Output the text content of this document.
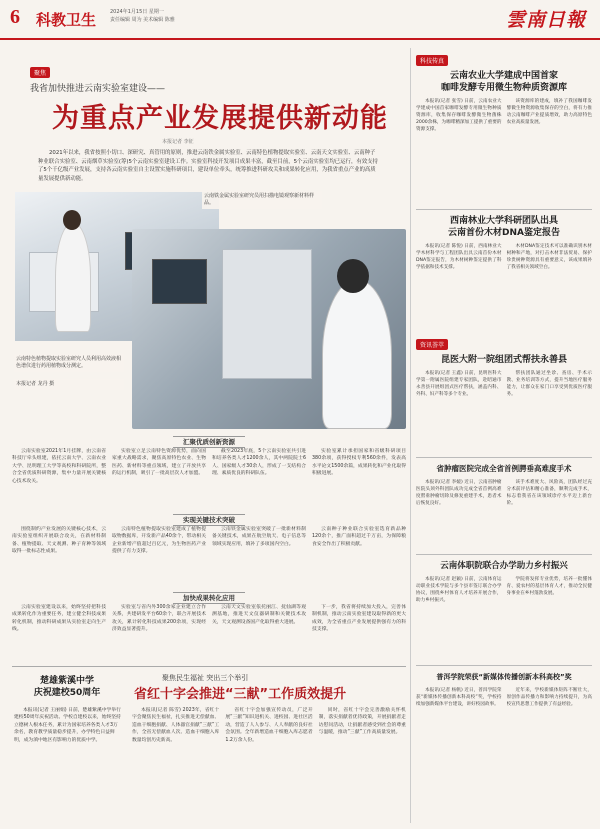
6 科教卫生	2024年1月15日 星期一
责任编辑 周为 美术编辑 陈雅	雲南日報
聚焦
我省加快推进云南实验室建设——
为重点产业发展提供新动能
本报记者 李征
2021年以来，我省按照小切口、深研究、真管用的原则，推进云南铁金属实验室、云南特色植物提取实验室、云南天文实验室、云南种子种业联合实验室、云南烟草实验室(筹)5个云南实验室建设工作。实验室科技开发项目成果丰富，截至目前，5个云南实验室均已运行，有效支持了5个千亿级产业发展，支持各云南实验室自主设置实施科研项目，建设单位牵头，统筹推进科研攻关和成果转化应用，为我省重点产业的高质量发展提供新动能。
云南铁金属实验室研究员用扫描电镜观察新材料样品。
云南特色植物提取实验室研究人员利用高效液相色谱仪进行药用植物成分测定。
本报记者 龙丹 摄
汇聚优质创新资源
云南实验室2021年1月挂牌，由云南省科技厅牵头组建，依托云南大学、云南农业大学、昆明理工大学等高校和科研院所，整合全省优质科研资源，集中力量开展关键核心技术攻关。
实验室立足云南特色资源优势，面向国家重大战略需求，聚焦高原特色农业、生物医药、新材料等重点领域，建立了开放共享的运行机制，吸引了一批高层次人才加盟。
截至2023年底，5个云南实验室共引进和培养各类人才1200余人，其中两院院士6人、国家级人才30余人，形成了一支结构合理、素质优良的科研队伍。
实验室累计承担国家和省级科研项目380余项，获得授权专利560余件，发表高水平论文1500余篇，成果转化和产业化取得积极进展。
实现关键技术突破
围绕制约产业发展的关键核心技术，云南实验室组织开展联合攻关，在新材料制备、植物提取、天文观测、种子育种等领域取得一批标志性成果。
云南特色植物提取实验室建成了植物提取物数据库，开发新产品40余个，带动相关企业新增产值超过百亿元，为生物医药产业提供了有力支撑。
云南铁金属实验室突破了一批新材料制备关键技术，成果在航空航天、电子信息等领域实现应用，填补了多项国内空白。
云南种子种业联合实验室选育新品种120余个，推广面积超过千万亩，为保障粮食安全作出了积极贡献。
加快成果转化应用
云南实验室建设以来，始终坚持把科技成果转化作为重要任务，建立健全科技成果转化机制，推动科研成果从实验室走向生产线。
实验室与省内外300余家企业建立合作关系，共建研发平台60余个，联合开展技术攻关，累计转化科技成果200余项，实现经济效益显著提升。
云南天文实验室依托丽江、抚仙湖等观测基地，推进天文仪器研制和关键技术攻关，天文观测设备国产化取得重大进展。
下一步，我省将持续加大投入，完善体制机制，推动云南实验室建设取得新的更大成效，为全省重点产业发展提供强有力的科技支撑。
楚雄紫溪中学
庆祝建校50周年
本报讯(记者 王丽娟) 日前，楚雄紫溪中学举行建校50周年庆祝活动。学校自建校以来，始终坚持立德树人根本任务，累计为国家培养各类人才3万余名，教育教学质量稳步提升，办学特色日益鲜明，成为滇中地区有影响力的优质中学。
聚焦民生福祉 突出三个举引
省红十字会推进“三献”工作质效提升
本报讯(记者 陈雪) 2023年，省红十字会聚焦民生福祉，扎实推进无偿献血、造血干细胞捐献、人体器官捐献“三献”工作，全省无偿献血人次、造血干细胞入库数量均创历史新高。
省红十字会加强宣传动员，广泛开展“三献”知识进机关、进校园、进社区活动，营造了人人参与、人人奉献的良好社会氛围。全年新增造血干细胞入库志愿者1.2万余人份。
同时，省红十字会完善激励关怀机制，落实捐献者优待政策，开展捐献者走访慰问活动，让捐献者感受到社会的尊重与温暖，推动“三献”工作高质量发展。
科技传真
云南农业大学建成中国首家
咖啡发酵专用微生物种质资源库
本报讯(记者 张雪) 日前，云南农业大学建成中国首家咖啡发酵专用微生物种质资源库，收集保存咖啡发酵微生物菌株2000余株，为咖啡精深加工提供了重要的资源支撑。
该资源库的建成，填补了我国咖啡发酵微生物资源收集保存的空白，将有力推动云南咖啡产业提质增效，助力高原特色农业高质量发展。
西南林业大学科研团队出具
云南首份木材DNA鉴定报告
本报讯(记者 陈悦) 日前，西南林业大学木材科学与工程团队出具云南首份木材DNA鉴定报告，为木材树种鉴定提供了科学依据和技术支撑。
木材DNA鉴定技术可以准确识别木材树种和产地，对打击木材非法贸易、保护珍贵树种资源具有重要意义，该成果填补了我省相关领域空白。
资讯荟萃
昆医大附一院组团式帮扶永善县
本报讯(记者 王鑫) 日前，昆明医科大学第一附属医院组建专家团队，赴昭通市永善县开展组团式医疗帮扶，涵盖内科、外科、妇产科等多个专业。
帮扶团队通过坐诊、查房、手术示教、业务培训等方式，提升当地医疗服务能力，让群众在家门口享受到优质医疗服务。
省肿瘤医院完成全省首例腭垂高难度手术
本报讯(记者 李媛) 近日，云南省肿瘤医院头颈外科团队成功完成全省首例高难度腭垂肿瘤切除及修复重建手术，患者术后恢复良好。
该手术难度大、风险高，团队经过充分术前评估和精心准备，顺利完成手术，标志着我省在该领域诊疗水平迈上新台阶。
云南体职院联合办学助力乡村振兴
本报讯(记者 赵颖) 日前，云南体育运动职业技术学院与多个县市签订联合办学协议，围绕乡村体育人才培养开展合作，助力乡村振兴。
学院将发挥专业优势，培养一批懂体育、爱农村的基层体育人才，推动全民健身事业在乡村蓬勃发展。
普洱学院荣获“新媒体传播创新本科高校”奖
本报讯(记者 杨帆) 近日，普洱学院荣获“新媒体传播创新本科高校”奖，学校持续加强新媒体平台建设，讲好校园故事。
近年来，学校新媒体矩阵不断壮大，原创作品传播力和影响力持续提升，为高校宣传思想工作提供了有益经验。
